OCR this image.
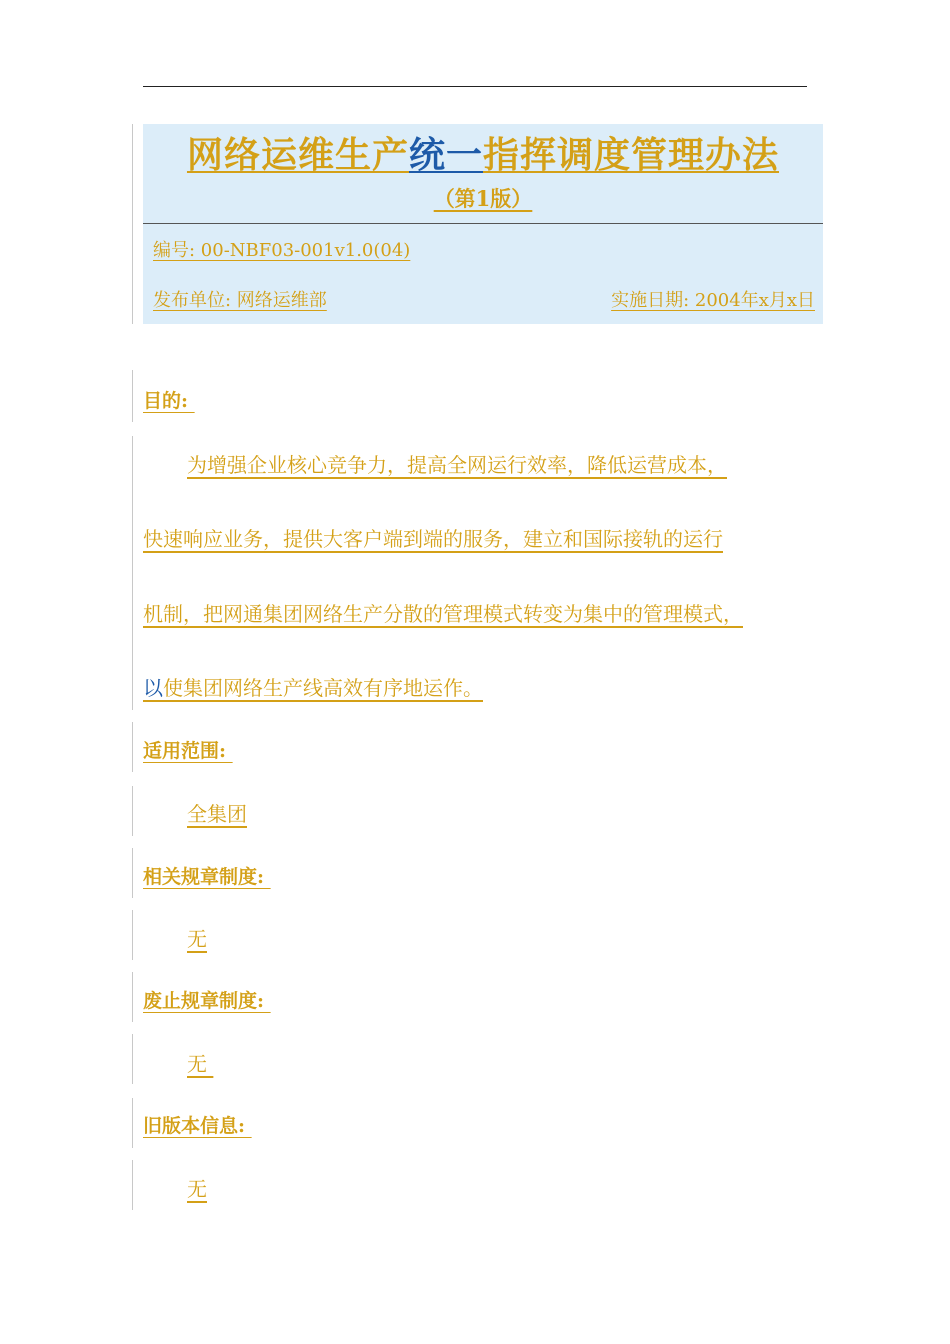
网络运维生产统一指挥调度管理办法
（第1版）
编号: 00-NBF03-001v1.0(04)
发布单位: 网络运维部	实施日期: 2004年x月x日
目的:
为增强企业核心竞争力，提高全网运行效率，降低运营成本，
快速响应业务，提供大客户端到端的服务，建立和国际接轨的运行
机制，把网通集团网络生产分散的管理模式转变为集中的管理模式，
以使集团网络生产线高效有序地运作。
适用范围:
全集团
相关规章制度:
无
废止规章制度:
无
旧版本信息:
无
